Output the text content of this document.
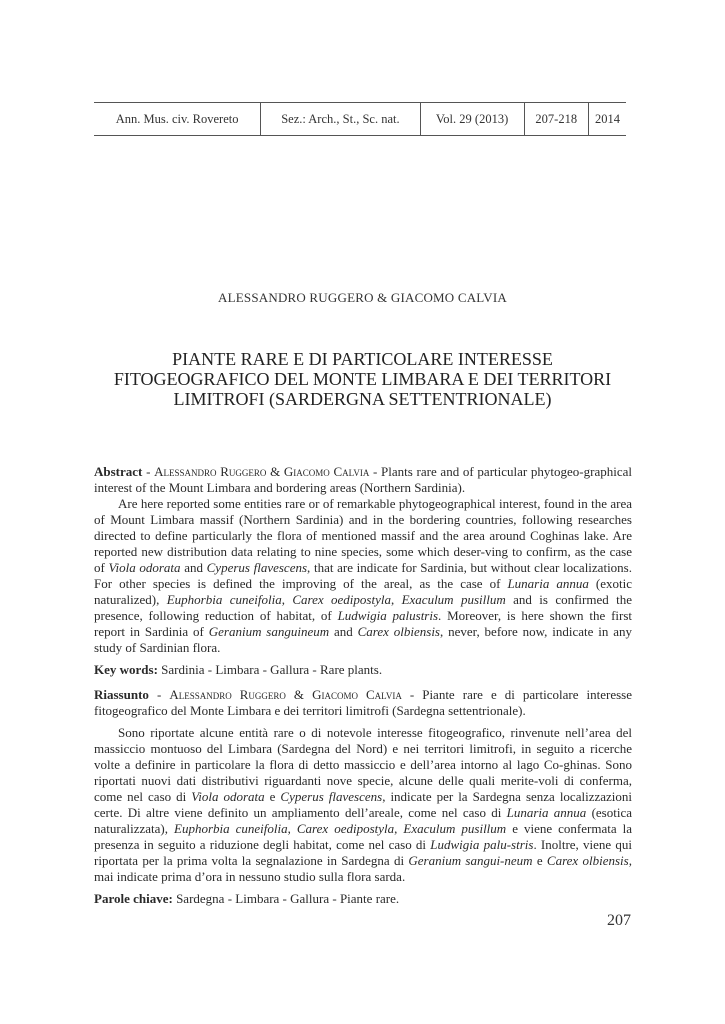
Ann. Mus. civ. Rovereto	Sez.: Arch., St., Sc. nat.	Vol. 29 (2013)	207-218	2014
ALESSANDRO RUGGERO & GIACOMO CALVIA
PIANTE RARE E DI PARTICOLARE INTERESSE
FITOGEOGRAFICO DEL MONTE LIMBARA E DEI TERRITORI
LIMITROFI (SARDERGNA SETTENTRIONALE)

Abstract - Alessandro Ruggero & Giacomo Calvia - Plants rare and of particular phytogeo-graphical interest of the Mount Limbara and bordering areas (Northern Sardinia).

Are here reported some entities rare or of remarkable phytogeographical interest, found in the area of Mount Limbara massif (Northern Sardinia) and in the bordering countries, following researches directed to define particularly the flora of mentioned massif and the area around Coghinas lake. Are reported new distribution data relating to nine species, some which deser-ving to confirm, as the case of Viola odorata and Cyperus flavescens, that are indicate for Sardinia, but without clear localizations. For other species is defined the improving of the areal, as the case of Lunaria annua (exotic naturalized), Euphorbia cuneifolia, Carex oedipostyla, Exaculum pusillum and is confirmed the presence, following reduction of habitat, of Ludwigia palustris. Moreover, is here shown the first report in Sardinia of Geranium sanguineum and Carex olbiensis, never, before now, indicate in any study of Sardinian flora.

Key words: Sardinia - Limbara - Gallura - Rare plants.

Riassunto - Alessandro Ruggero & Giacomo Calvia - Piante rare e di particolare interesse fitogeografico del Monte Limbara e dei territori limitrofi (Sardegna settentrionale).

Sono riportate alcune entità rare o di notevole interesse fitogeografico, rinvenute nell’area del massiccio montuoso del Limbara (Sardegna del Nord) e nei territori limitrofi, in seguito a ricerche volte a definire in particolare la flora di detto massiccio e dell’area intorno al lago Co-ghinas. Sono riportati nuovi dati distributivi riguardanti nove specie, alcune delle quali merite-voli di conferma, come nel caso di Viola odorata e Cyperus flavescens, indicate per la Sardegna senza localizzazioni certe. Di altre viene definito un ampliamento dell’areale, come nel caso di Lunaria annua (esotica naturalizzata), Euphorbia cuneifolia, Carex oedipostyla, Exaculum pusillum e viene confermata la presenza in seguito a riduzione degli habitat, come nel caso di Ludwigia palu-stris. Inoltre, viene qui riportata per la prima volta la segnalazione in Sardegna di Geranium sangui-neum e Carex olbiensis, mai indicate prima d’ora in nessuno studio sulla flora sarda.

Parole chiave: Sardegna - Limbara - Gallura - Piante rare.

207
